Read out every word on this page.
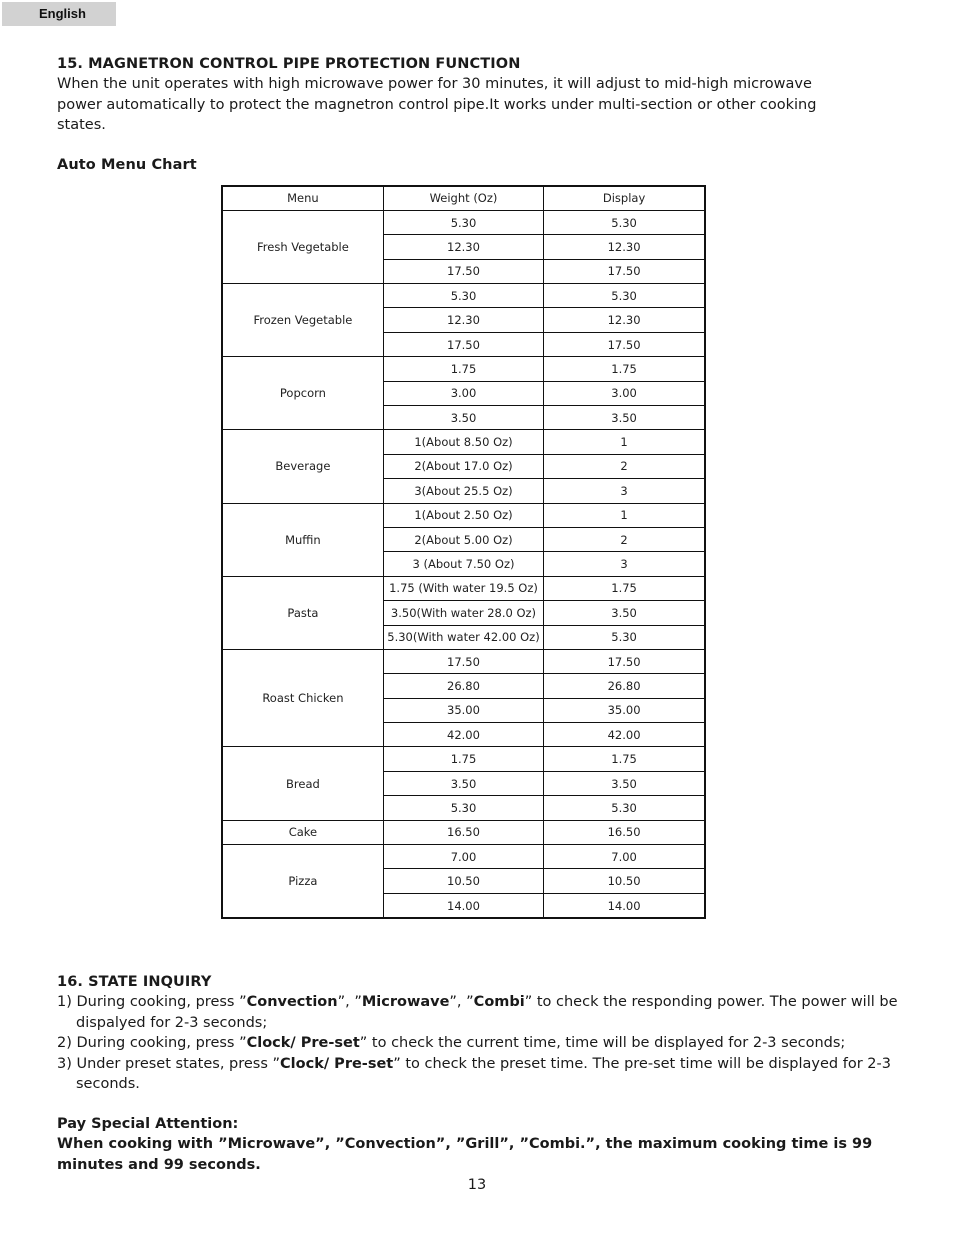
English
15. MAGNETRON CONTROL PIPE PROTECTION FUNCTION

When the unit operates with high microwave power for 30 minutes, it will adjust to mid-high microwave power automatically to protect the magnetron control pipe.It works under multi-section or other cooking states.

Auto Menu Chart
Menu	Weight (Oz)	Display
Fresh Vegetable	5.30	5.30
	12.30	12.30
	17.50	17.50
Frozen Vegetable	5.30	5.30
	12.30	12.30
	17.50	17.50
Popcorn	1.75	1.75
	3.00	3.00
	3.50	3.50
Beverage	1(About 8.50 Oz)	1
	2(About 17.0 Oz)	2
	3(About 25.5 Oz)	3
Muffin	1(About 2.50 Oz)	1
	2(About 5.00 Oz)	2
	3 (About 7.50 Oz)	3
Pasta	1.75 (With water 19.5 Oz)	1.75
	3.50(With water 28.0 Oz)	3.50
	5.30(With water 42.00 Oz)	5.30
Roast Chicken	17.50	17.50
	26.80	26.80
	35.00	35.00
	42.00	42.00
Bread	1.75	1.75
	3.50	3.50
	5.30	5.30
Cake	16.50	16.50
Pizza	7.00	7.00
	10.50	10.50
	14.00	14.00
16. STATE INQUIRY
1) During cooking, press ”Convection”, ”Microwave”, ”Combi” to check the responding power. The power will be dispalyed for 2-3 seconds;
2) During cooking, press ”Clock/ Pre-set” to check the current time, time will be displayed for 2-3 seconds;
3) Under preset states, press ”Clock/ Pre-set” to check the preset time. The pre-set time will be displayed for 2-3 seconds.

Pay Special Attention:

When cooking with ”Microwave”, ”Convection”, ”Grill”, ”Combi.”, the maximum cooking time is 99 minutes and 99 seconds.

13
